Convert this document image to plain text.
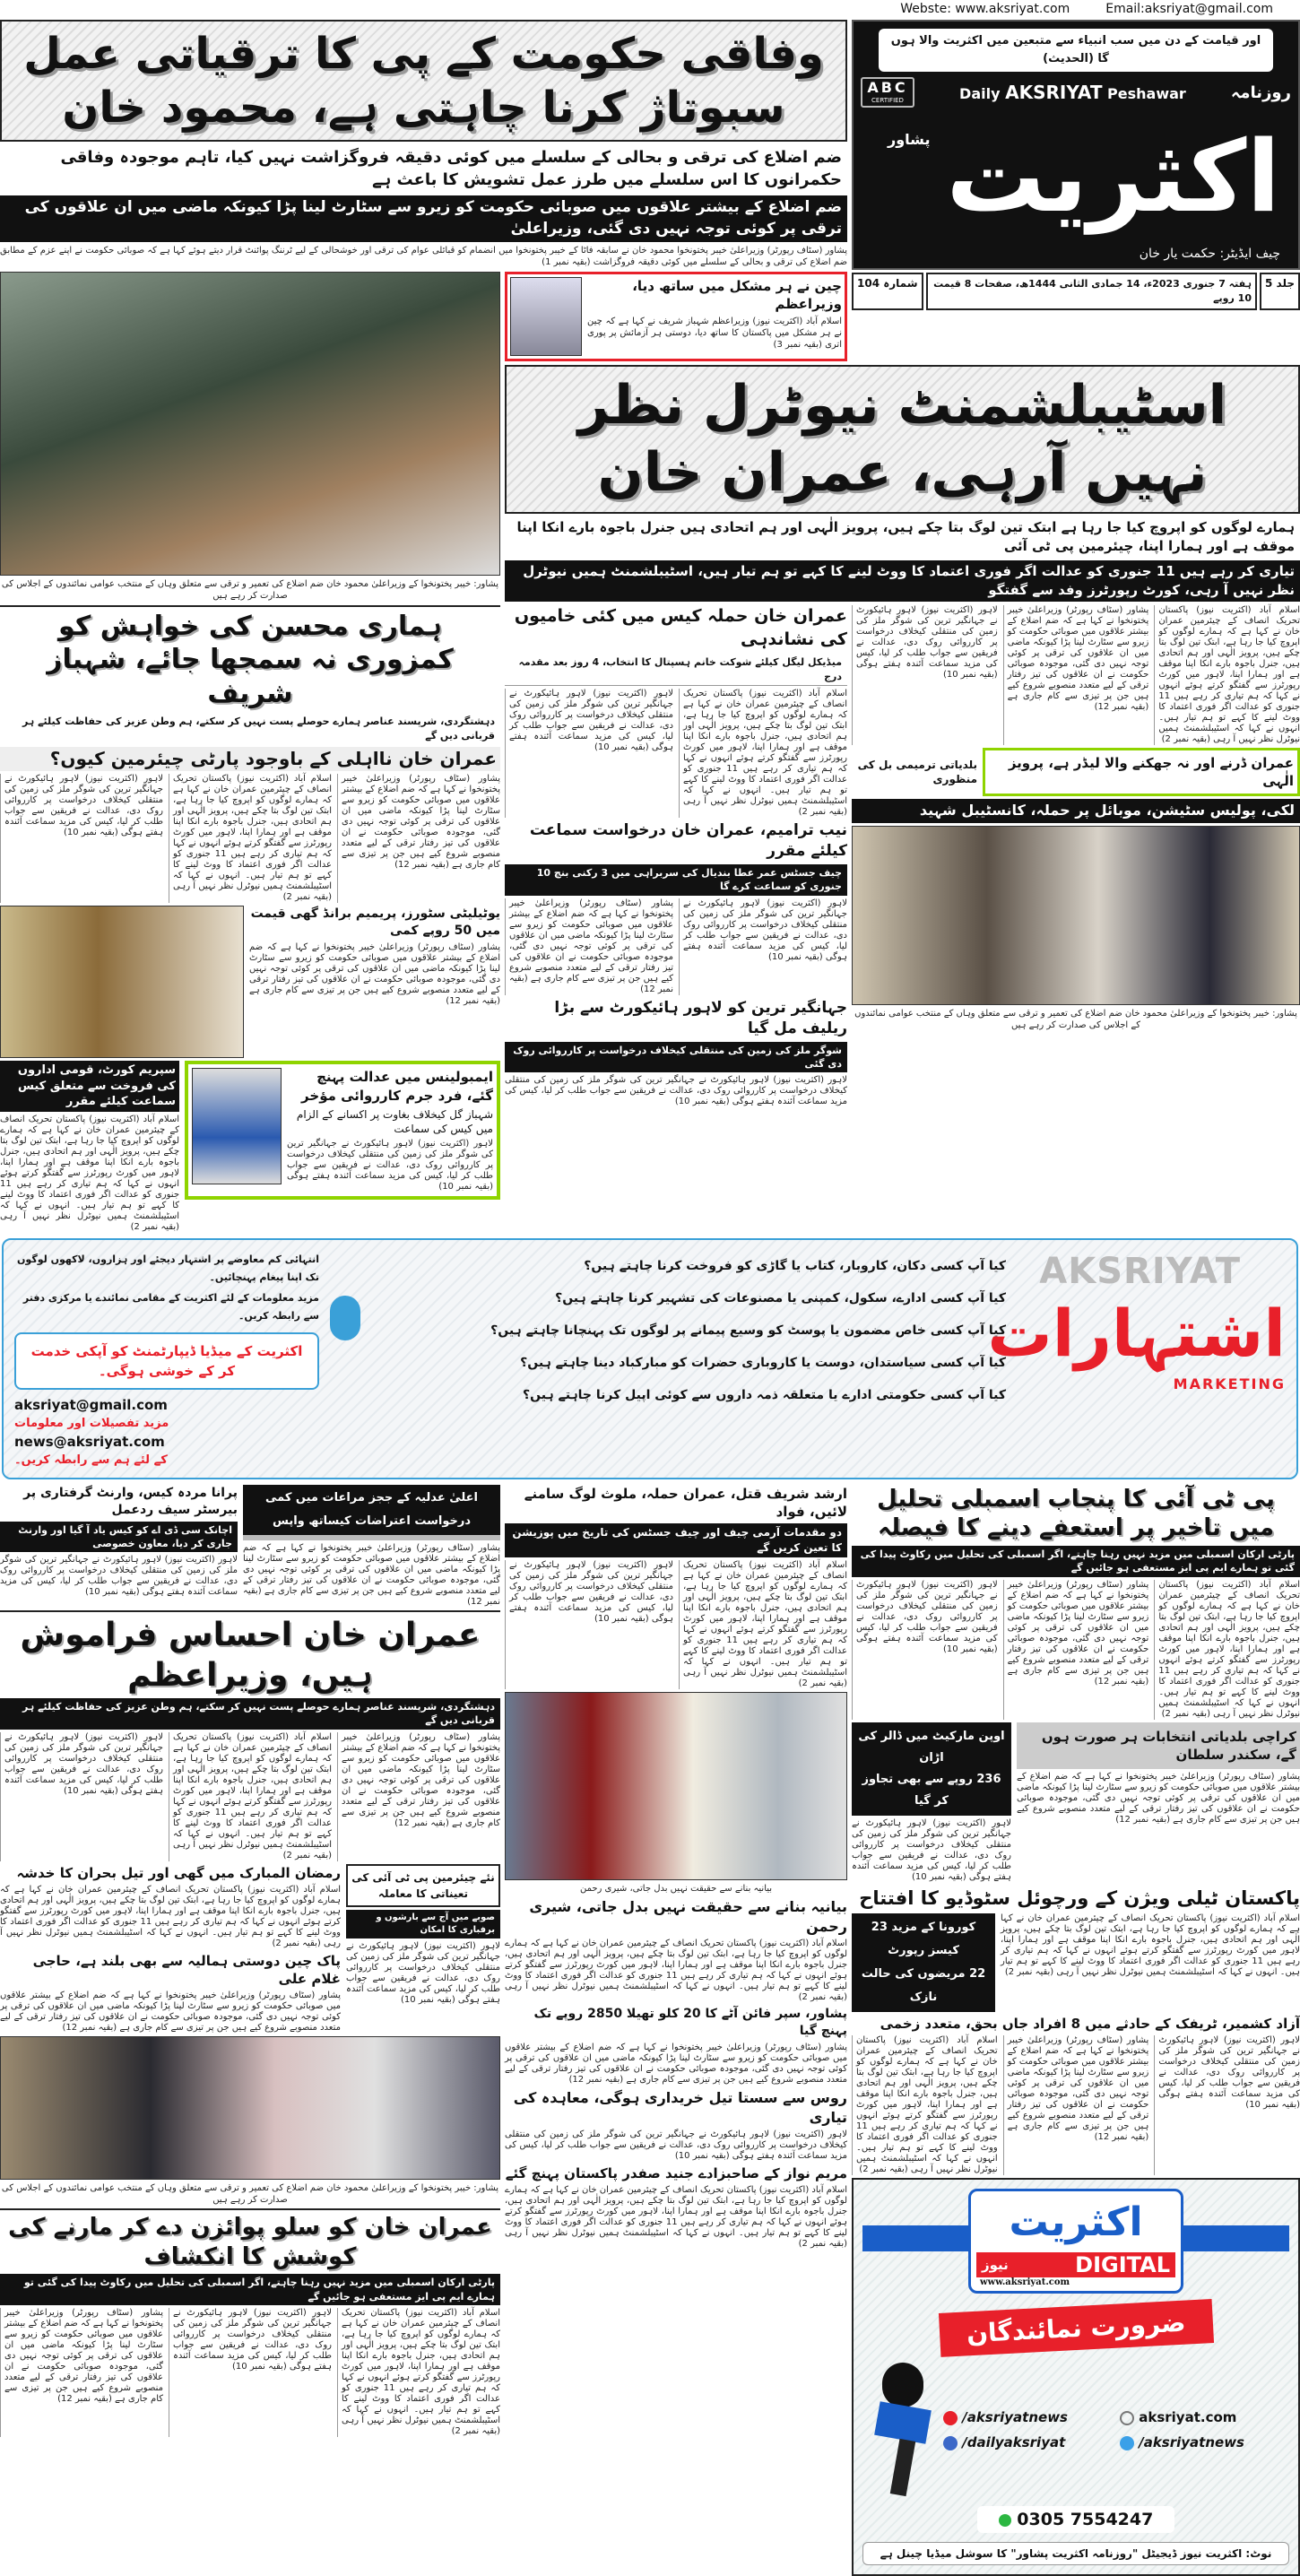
Webste: www.aksriyat.com	Email:aksriyat@gmail.com
وفاقی حکومت کے پی کا ترقیاتی عمل سبوتاژ کرنا چاہتی ہے، محمود خان
ضم اضلاع کی ترقی و بحالی کے سلسلے میں کوئی دقیقہ فروگزاشت نہیں کیا، تاہم موجودہ وفاقی حکمرانوں کا اس سلسلے میں طرز عمل تشویش کا باعث ہے
ضم اضلاع کے بیشتر علاقوں میں صوبائی حکومت کو زیرو سے سٹارٹ لینا پڑا کیونکہ ماضی میں ان علاقوں کی ترقی پر کوئی توجہ نہیں دی گئی، وزیراعلیٰ
پشاور (سٹاف رپورٹر) وزیراعلیٰ خیبر پختونخوا محمود خان نے سابقہ فاٹا کے خیبر پختونخوا میں انضمام کو قبائلی عوام کی ترقی اور خوشحالی کے لیے ٹرننگ پوائنٹ قرار دیتے ہوئے کہا ہے کہ صوبائی حکومت نے اپنے عزم کے مطابق ضم اضلاع کی ترقی و بحالی کے سلسلے میں کوئی دقیقہ فروگزاشت (بقیہ نمبر 1)
اور قیامت کے دن میں سب انبیاء سے متبعین میں اکثریت والا ہوں گا (الحدیث)
ABC
CERTIFIED	Daily AKSRIYAT Peshawar	روزنامہ
پشاور اکثریت
چیف ایڈیٹر: حکمت یار خان
جلد 5
ہفتہ 7 جنوری 2023ء، 14 جمادی الثانی 1444ھ، صفحات 8 قیمت 10 روپے
شمارہ 104
پشاور: خیبر پختونخوا کے وزیراعلیٰ محمود خان ضم اضلاع کی تعمیر و ترقی سے متعلق وہاں کے منتخب عوامی نمائندوں کے اجلاس کی صدارت کر رہے ہیں
چین نے ہر مشکل میں ساتھ دیا، وزیراعظم
اسلام آباد (اکثریت نیوز) وزیراعظم شہباز شریف نے کہا ہے کہ چین نے ہر مشکل میں پاکستان کا ساتھ دیا، دوستی ہر آزمائش پر پوری اتری (بقیہ نمبر 3)
اسٹیبلشمنٹ نیوٹرل نظر نہیں آرہی، عمران خان
ہمارے لوگوں کو اپروچ کیا جا رہا ہے ابتک تین لوگ بتا چکے ہیں، پرویز الٰہی اور ہم اتحادی ہیں جنرل باجوہ بارے انکا اپنا موقف ہے اور ہمارا اپنا، چیئرمین پی ٹی آئی
تیاری کر رہے ہیں 11 جنوری کو عدالت اگر فوری اعتماد کا ووٹ لینے کا کہے تو ہم تیار ہیں، اسٹیبلشمنٹ ہمیں نیوٹرل نظر نہیں آ رہی، کورٹ رپورٹرز وفد سے گفتگو
ہماری محسن کی خواہش کو کمزوری نہ سمجھا جائے، شہباز شریف
دہشتگردی، شرپسند عناصر ہمارے حوصلے پست نہیں کر سکتے، ہم وطن عزیز کی حفاظت کیلئے ہر قربانی دیں گے
عمران خان نااہلی کے باوجود پارٹی چیئرمین کیوں؟
پشاور (سٹاف رپورٹر) وزیراعلیٰ خیبر پختونخوا نے کہا ہے کہ ضم اضلاع کے بیشتر علاقوں میں صوبائی حکومت کو زیرو سے سٹارٹ لینا پڑا کیونکہ ماضی میں ان علاقوں کی ترقی پر کوئی توجہ نہیں دی گئی، موجودہ صوبائی حکومت نے ان علاقوں کی تیز رفتار ترقی کے لیے متعدد منصوبے شروع کیے ہیں جن پر تیزی سے کام جاری ہے (بقیہ نمبر 12)
اسلام آباد (اکثریت نیوز) پاکستان تحریک انصاف کے چیئرمین عمران خان نے کہا ہے کہ ہمارے لوگوں کو اپروچ کیا جا رہا ہے، ابتک تین لوگ بتا چکے ہیں، پرویز الٰہی اور ہم اتحادی ہیں، جنرل باجوہ بارے انکا اپنا موقف ہے اور ہمارا اپنا، لاہور میں کورٹ رپورٹرز سے گفتگو کرتے ہوئے انہوں نے کہا کہ ہم تیاری کر رہے ہیں 11 جنوری کو عدالت اگر فوری اعتماد کا ووٹ لینے کا کہے تو ہم تیار ہیں۔ انہوں نے کہا کہ اسٹیبلشمنٹ ہمیں نیوٹرل نظر نہیں آ رہی (بقیہ نمبر 2)
لاہور (اکثریت نیوز) لاہور ہائیکورٹ نے جہانگیر ترین کی شوگر ملز کی زمین کی منتقلی کیخلاف درخواست پر کارروائی روک دی، عدالت نے فریقین سے جواب طلب کر لیا، کیس کی مزید سماعت آئندہ ہفتے ہوگی (بقیہ نمبر 10)
یوٹیلیٹی سٹورز، پریمیم برانڈ گھی قیمت میں 50 روپے کمی
پشاور (سٹاف رپورٹر) وزیراعلیٰ خیبر پختونخوا نے کہا ہے کہ ضم اضلاع کے بیشتر علاقوں میں صوبائی حکومت کو زیرو سے سٹارٹ لینا پڑا کیونکہ ماضی میں ان علاقوں کی ترقی پر کوئی توجہ نہیں دی گئی، موجودہ صوبائی حکومت نے ان علاقوں کی تیز رفتار ترقی کے لیے متعدد منصوبے شروع کیے ہیں جن پر تیزی سے کام جاری ہے (بقیہ نمبر 12)
سپریم کورٹ، قومی اداروں کی فروخت سے متعلق کیس سماعت کیلئے مقرر
اسلام آباد (اکثریت نیوز) پاکستان تحریک انصاف کے چیئرمین عمران خان نے کہا ہے کہ ہمارے لوگوں کو اپروچ کیا جا رہا ہے، ابتک تین لوگ بتا چکے ہیں، پرویز الٰہی اور ہم اتحادی ہیں، جنرل باجوہ بارے انکا اپنا موقف ہے اور ہمارا اپنا، لاہور میں کورٹ رپورٹرز سے گفتگو کرتے ہوئے انہوں نے کہا کہ ہم تیاری کر رہے ہیں 11 جنوری کو عدالت اگر فوری اعتماد کا ووٹ لینے کا کہے تو ہم تیار ہیں۔ انہوں نے کہا کہ اسٹیبلشمنٹ ہمیں نیوٹرل نظر نہیں آ رہی (بقیہ نمبر 2)
ایمبولینس میں عدالت پہنچ گئے، فرد جرم کارروائی مؤخر
شہباز گل کیخلاف بغاوت پر اکسانے کے الزام میں کیس کی سماعت
لاہور (اکثریت نیوز) لاہور ہائیکورٹ نے جہانگیر ترین کی شوگر ملز کی زمین کی منتقلی کیخلاف درخواست پر کارروائی روک دی، عدالت نے فریقین سے جواب طلب کر لیا، کیس کی مزید سماعت آئندہ ہفتے ہوگی (بقیہ نمبر 10)
عمران خان حملہ کیس میں کئی خامیوں کی نشاندہی
میڈیکل لیگل کیلئے شوکت خانم ہسپتال کا انتخاب، 4 روز بعد مقدمہ درج
اسلام آباد (اکثریت نیوز) پاکستان تحریک انصاف کے چیئرمین عمران خان نے کہا ہے کہ ہمارے لوگوں کو اپروچ کیا جا رہا ہے، ابتک تین لوگ بتا چکے ہیں، پرویز الٰہی اور ہم اتحادی ہیں، جنرل باجوہ بارے انکا اپنا موقف ہے اور ہمارا اپنا، لاہور میں کورٹ رپورٹرز سے گفتگو کرتے ہوئے انہوں نے کہا کہ ہم تیاری کر رہے ہیں 11 جنوری کو عدالت اگر فوری اعتماد کا ووٹ لینے کا کہے تو ہم تیار ہیں۔ انہوں نے کہا کہ اسٹیبلشمنٹ ہمیں نیوٹرل نظر نہیں آ رہی (بقیہ نمبر 2)
لاہور (اکثریت نیوز) لاہور ہائیکورٹ نے جہانگیر ترین کی شوگر ملز کی زمین کی منتقلی کیخلاف درخواست پر کارروائی روک دی، عدالت نے فریقین سے جواب طلب کر لیا، کیس کی مزید سماعت آئندہ ہفتے ہوگی (بقیہ نمبر 10)
نیب ترامیم، عمران خان درخواست سماعت کیلئے مقرر
چیف جسٹس عمر عطا بندیال کی سربراہی میں 3 رکنی بنچ 10 جنوری کو سماعت کرے گا
لاہور (اکثریت نیوز) لاہور ہائیکورٹ نے جہانگیر ترین کی شوگر ملز کی زمین کی منتقلی کیخلاف درخواست پر کارروائی روک دی، عدالت نے فریقین سے جواب طلب کر لیا، کیس کی مزید سماعت آئندہ ہفتے ہوگی (بقیہ نمبر 10)
پشاور (سٹاف رپورٹر) وزیراعلیٰ خیبر پختونخوا نے کہا ہے کہ ضم اضلاع کے بیشتر علاقوں میں صوبائی حکومت کو زیرو سے سٹارٹ لینا پڑا کیونکہ ماضی میں ان علاقوں کی ترقی پر کوئی توجہ نہیں دی گئی، موجودہ صوبائی حکومت نے ان علاقوں کی تیز رفتار ترقی کے لیے متعدد منصوبے شروع کیے ہیں جن پر تیزی سے کام جاری ہے (بقیہ نمبر 12)
جہانگیر ترین کو لاہور ہائیکورٹ سے بڑا ریلیف مل گیا
شوگر ملز کی زمین کی منتقلی کیخلاف درخواست پر کارروائی روک دی گئی
لاہور (اکثریت نیوز) لاہور ہائیکورٹ نے جہانگیر ترین کی شوگر ملز کی زمین کی منتقلی کیخلاف درخواست پر کارروائی روک دی، عدالت نے فریقین سے جواب طلب کر لیا، کیس کی مزید سماعت آئندہ ہفتے ہوگی (بقیہ نمبر 10)
اسلام آباد (اکثریت نیوز) پاکستان تحریک انصاف کے چیئرمین عمران خان نے کہا ہے کہ ہمارے لوگوں کو اپروچ کیا جا رہا ہے، ابتک تین لوگ بتا چکے ہیں، پرویز الٰہی اور ہم اتحادی ہیں، جنرل باجوہ بارے انکا اپنا موقف ہے اور ہمارا اپنا، لاہور میں کورٹ رپورٹرز سے گفتگو کرتے ہوئے انہوں نے کہا کہ ہم تیاری کر رہے ہیں 11 جنوری کو عدالت اگر فوری اعتماد کا ووٹ لینے کا کہے تو ہم تیار ہیں۔ انہوں نے کہا کہ اسٹیبلشمنٹ ہمیں نیوٹرل نظر نہیں آ رہی (بقیہ نمبر 2)
پشاور (سٹاف رپورٹر) وزیراعلیٰ خیبر پختونخوا نے کہا ہے کہ ضم اضلاع کے بیشتر علاقوں میں صوبائی حکومت کو زیرو سے سٹارٹ لینا پڑا کیونکہ ماضی میں ان علاقوں کی ترقی پر کوئی توجہ نہیں دی گئی، موجودہ صوبائی حکومت نے ان علاقوں کی تیز رفتار ترقی کے لیے متعدد منصوبے شروع کیے ہیں جن پر تیزی سے کام جاری ہے (بقیہ نمبر 12)
لاہور (اکثریت نیوز) لاہور ہائیکورٹ نے جہانگیر ترین کی شوگر ملز کی زمین کی منتقلی کیخلاف درخواست پر کارروائی روک دی، عدالت نے فریقین سے جواب طلب کر لیا، کیس کی مزید سماعت آئندہ ہفتے ہوگی (بقیہ نمبر 10)
بلدیاتی ترمیمی بل کی منظوری
عمران ڈرنے اور نہ جھکنے والا لیڈر ہے، پرویز الٰہی
لکی، پولیس سٹیشن، موبائل پر حملہ، کانسٹیبل شہید
پشاور: خیبر پختونخوا کے وزیراعلیٰ محمود خان ضم اضلاع کی تعمیر و ترقی سے متعلق وہاں کے منتخب عوامی نمائندوں کے اجلاس کی صدارت کر رہے ہیں
انتہائی کم معاوضے پر اشتہار دیجئے اور ہزاروں، لاکھوں لوگوں تک اپنا پیغام پہنچائیں۔
مزید معلومات کے لئے اکثریت کے مقامی نمائندے یا مرکزی دفتر سے رابطہ کریں۔
اکثریت کے میڈیا ڈیپارٹمنٹ کو آپکی خدمت کر کے خوشی ہوگی۔
aksriyat@gmail.com
مزید تفصیلات اور معلومات
news@aksriyat.com
کے لئے ہم سے رابطہ کریں۔
کیا آپ کسی دکان، کاروبار، کتاب یا گاڑی کو فروخت کرنا چاہتے ہیں؟
کیا آپ کسی ادارے، سکول، کمپنی یا مصنوعات کی تشہیر کرنا چاہتے ہیں؟
کیا آپ کسی خاص مضمون یا پوسٹ کو وسیع پیمانے پر لوگوں تک پہنچانا چاہتے ہیں؟
کیا آپ کسی سیاستدان، دوست یا کاروباری حضرات کو مبارکباد دینا چاہتے ہیں؟
کیا آپ کسی حکومتی ادارے یا متعلقہ ذمہ داروں سے کوئی اپیل کرنا چاہتے ہیں؟
AKSRIYAT
اشتہارات
MARKETING
پرانا مردہ کیس، وارنٹ گرفتاری پر بیرسٹر سیف ردعمل
اچانک سی ڈی اے کو کیس یاد آ گیا اور وارنٹ جاری کر دیا، معاون خصوصی
لاہور (اکثریت نیوز) لاہور ہائیکورٹ نے جہانگیر ترین کی شوگر ملز کی زمین کی منتقلی کیخلاف درخواست پر کارروائی روک دی، عدالت نے فریقین سے جواب طلب کر لیا، کیس کی مزید سماعت آئندہ ہفتے ہوگی (بقیہ نمبر 10)
اعلیٰ عدلیہ کے ججز مراعات میں کمی
درخواست اعتراضات کیساتھ واپس
پشاور (سٹاف رپورٹر) وزیراعلیٰ خیبر پختونخوا نے کہا ہے کہ ضم اضلاع کے بیشتر علاقوں میں صوبائی حکومت کو زیرو سے سٹارٹ لینا پڑا کیونکہ ماضی میں ان علاقوں کی ترقی پر کوئی توجہ نہیں دی گئی، موجودہ صوبائی حکومت نے ان علاقوں کی تیز رفتار ترقی کے لیے متعدد منصوبے شروع کیے ہیں جن پر تیزی سے کام جاری ہے (بقیہ نمبر 12)
عمران خان احساس فراموش ہیں، وزیراعظم
دہشتگردی، شرپسند عناصر ہمارے حوصلے پست نہیں کر سکتے، ہم وطن عزیز کی حفاظت کیلئے ہر قربانی دیں گے
پشاور (سٹاف رپورٹر) وزیراعلیٰ خیبر پختونخوا نے کہا ہے کہ ضم اضلاع کے بیشتر علاقوں میں صوبائی حکومت کو زیرو سے سٹارٹ لینا پڑا کیونکہ ماضی میں ان علاقوں کی ترقی پر کوئی توجہ نہیں دی گئی، موجودہ صوبائی حکومت نے ان علاقوں کی تیز رفتار ترقی کے لیے متعدد منصوبے شروع کیے ہیں جن پر تیزی سے کام جاری ہے (بقیہ نمبر 12)
اسلام آباد (اکثریت نیوز) پاکستان تحریک انصاف کے چیئرمین عمران خان نے کہا ہے کہ ہمارے لوگوں کو اپروچ کیا جا رہا ہے، ابتک تین لوگ بتا چکے ہیں، پرویز الٰہی اور ہم اتحادی ہیں، جنرل باجوہ بارے انکا اپنا موقف ہے اور ہمارا اپنا، لاہور میں کورٹ رپورٹرز سے گفتگو کرتے ہوئے انہوں نے کہا کہ ہم تیاری کر رہے ہیں 11 جنوری کو عدالت اگر فوری اعتماد کا ووٹ لینے کا کہے تو ہم تیار ہیں۔ انہوں نے کہا کہ اسٹیبلشمنٹ ہمیں نیوٹرل نظر نہیں آ رہی (بقیہ نمبر 2)
لاہور (اکثریت نیوز) لاہور ہائیکورٹ نے جہانگیر ترین کی شوگر ملز کی زمین کی منتقلی کیخلاف درخواست پر کارروائی روک دی، عدالت نے فریقین سے جواب طلب کر لیا، کیس کی مزید سماعت آئندہ ہفتے ہوگی (بقیہ نمبر 10)
رمضان المبارک میں گھی اور تیل بحران کا خدشہ
اسلام آباد (اکثریت نیوز) پاکستان تحریک انصاف کے چیئرمین عمران خان نے کہا ہے کہ ہمارے لوگوں کو اپروچ کیا جا رہا ہے، ابتک تین لوگ بتا چکے ہیں، پرویز الٰہی اور ہم اتحادی ہیں، جنرل باجوہ بارے انکا اپنا موقف ہے اور ہمارا اپنا، لاہور میں کورٹ رپورٹرز سے گفتگو کرتے ہوئے انہوں نے کہا کہ ہم تیاری کر رہے ہیں 11 جنوری کو عدالت اگر فوری اعتماد کا ووٹ لینے کا کہے تو ہم تیار ہیں۔ انہوں نے کہا کہ اسٹیبلشمنٹ ہمیں نیوٹرل نظر نہیں آ رہی (بقیہ نمبر 2)
پاک چین دوستی ہمالیہ سے بھی بلند ہے، حاجی غلام علی
پشاور (سٹاف رپورٹر) وزیراعلیٰ خیبر پختونخوا نے کہا ہے کہ ضم اضلاع کے بیشتر علاقوں میں صوبائی حکومت کو زیرو سے سٹارٹ لینا پڑا کیونکہ ماضی میں ان علاقوں کی ترقی پر کوئی توجہ نہیں دی گئی، موجودہ صوبائی حکومت نے ان علاقوں کی تیز رفتار ترقی کے لیے متعدد منصوبے شروع کیے ہیں جن پر تیزی سے کام جاری ہے (بقیہ نمبر 12)
نئے چیئرمین پی ٹی آئی کی تعیناتی کا معاملہ
صوبے میں آج سے بارشوں و برفباری کا امکان
لاہور (اکثریت نیوز) لاہور ہائیکورٹ نے جہانگیر ترین کی شوگر ملز کی زمین کی منتقلی کیخلاف درخواست پر کارروائی روک دی، عدالت نے فریقین سے جواب طلب کر لیا، کیس کی مزید سماعت آئندہ ہفتے ہوگی (بقیہ نمبر 10)
پشاور: خیبر پختونخوا کے وزیراعلیٰ محمود خان ضم اضلاع کی تعمیر و ترقی سے متعلق وہاں کے منتخب عوامی نمائندوں کے اجلاس کی صدارت کر رہے ہیں
عمران خان کو سلو پوائزن دے کر مارنے کی کوشش کا انکشاف
پارٹی ارکان اسمبلی میں مزید نہیں رہنا چاہتے، اگر اسمبلی کی تحلیل میں رکاوٹ پیدا کی گئی تو ہمارے ایم پی ایز مستعفی ہو جائیں گے
اسلام آباد (اکثریت نیوز) پاکستان تحریک انصاف کے چیئرمین عمران خان نے کہا ہے کہ ہمارے لوگوں کو اپروچ کیا جا رہا ہے، ابتک تین لوگ بتا چکے ہیں، پرویز الٰہی اور ہم اتحادی ہیں، جنرل باجوہ بارے انکا اپنا موقف ہے اور ہمارا اپنا، لاہور میں کورٹ رپورٹرز سے گفتگو کرتے ہوئے انہوں نے کہا کہ ہم تیاری کر رہے ہیں 11 جنوری کو عدالت اگر فوری اعتماد کا ووٹ لینے کا کہے تو ہم تیار ہیں۔ انہوں نے کہا کہ اسٹیبلشمنٹ ہمیں نیوٹرل نظر نہیں آ رہی (بقیہ نمبر 2)
لاہور (اکثریت نیوز) لاہور ہائیکورٹ نے جہانگیر ترین کی شوگر ملز کی زمین کی منتقلی کیخلاف درخواست پر کارروائی روک دی، عدالت نے فریقین سے جواب طلب کر لیا، کیس کی مزید سماعت آئندہ ہفتے ہوگی (بقیہ نمبر 10)
پشاور (سٹاف رپورٹر) وزیراعلیٰ خیبر پختونخوا نے کہا ہے کہ ضم اضلاع کے بیشتر علاقوں میں صوبائی حکومت کو زیرو سے سٹارٹ لینا پڑا کیونکہ ماضی میں ان علاقوں کی ترقی پر کوئی توجہ نہیں دی گئی، موجودہ صوبائی حکومت نے ان علاقوں کی تیز رفتار ترقی کے لیے متعدد منصوبے شروع کیے ہیں جن پر تیزی سے کام جاری ہے (بقیہ نمبر 12)
ارشد شریف قتل، عمران حملہ، ملوث لوگ سامنے لائیں، فواد
دو مقدمات آرمی چیف اور چیف جسٹس کی تاریخ میں پوزیشن کا تعین کریں گے
اسلام آباد (اکثریت نیوز) پاکستان تحریک انصاف کے چیئرمین عمران خان نے کہا ہے کہ ہمارے لوگوں کو اپروچ کیا جا رہا ہے، ابتک تین لوگ بتا چکے ہیں، پرویز الٰہی اور ہم اتحادی ہیں، جنرل باجوہ بارے انکا اپنا موقف ہے اور ہمارا اپنا، لاہور میں کورٹ رپورٹرز سے گفتگو کرتے ہوئے انہوں نے کہا کہ ہم تیاری کر رہے ہیں 11 جنوری کو عدالت اگر فوری اعتماد کا ووٹ لینے کا کہے تو ہم تیار ہیں۔ انہوں نے کہا کہ اسٹیبلشمنٹ ہمیں نیوٹرل نظر نہیں آ رہی (بقیہ نمبر 2)
لاہور (اکثریت نیوز) لاہور ہائیکورٹ نے جہانگیر ترین کی شوگر ملز کی زمین کی منتقلی کیخلاف درخواست پر کارروائی روک دی، عدالت نے فریقین سے جواب طلب کر لیا، کیس کی مزید سماعت آئندہ ہفتے ہوگی (بقیہ نمبر 10)
بیانیہ بنانے سے حقیقت نہیں بدل جاتی، شیری رحمن
بیانیہ بنانے سے حقیقت نہیں بدل جاتی، شیری رحمن
اسلام آباد (اکثریت نیوز) پاکستان تحریک انصاف کے چیئرمین عمران خان نے کہا ہے کہ ہمارے لوگوں کو اپروچ کیا جا رہا ہے، ابتک تین لوگ بتا چکے ہیں، پرویز الٰہی اور ہم اتحادی ہیں، جنرل باجوہ بارے انکا اپنا موقف ہے اور ہمارا اپنا، لاہور میں کورٹ رپورٹرز سے گفتگو کرتے ہوئے انہوں نے کہا کہ ہم تیاری کر رہے ہیں 11 جنوری کو عدالت اگر فوری اعتماد کا ووٹ لینے کا کہے تو ہم تیار ہیں۔ انہوں نے کہا کہ اسٹیبلشمنٹ ہمیں نیوٹرل نظر نہیں آ رہی (بقیہ نمبر 2)
پشاور، سپر فائن آٹے کا 20 کلو تھیلا 2850 روپے تک پہنچ گیا
پشاور (سٹاف رپورٹر) وزیراعلیٰ خیبر پختونخوا نے کہا ہے کہ ضم اضلاع کے بیشتر علاقوں میں صوبائی حکومت کو زیرو سے سٹارٹ لینا پڑا کیونکہ ماضی میں ان علاقوں کی ترقی پر کوئی توجہ نہیں دی گئی، موجودہ صوبائی حکومت نے ان علاقوں کی تیز رفتار ترقی کے لیے متعدد منصوبے شروع کیے ہیں جن پر تیزی سے کام جاری ہے (بقیہ نمبر 12)
روس سے سستا تیل خریداری ہوگی، معاہدہ کی تیاری
لاہور (اکثریت نیوز) لاہور ہائیکورٹ نے جہانگیر ترین کی شوگر ملز کی زمین کی منتقلی کیخلاف درخواست پر کارروائی روک دی، عدالت نے فریقین سے جواب طلب کر لیا، کیس کی مزید سماعت آئندہ ہفتے ہوگی (بقیہ نمبر 10)
مریم نواز کے صاحبزادے جنید صفدر پاکستان پہنچ گئے
اسلام آباد (اکثریت نیوز) پاکستان تحریک انصاف کے چیئرمین عمران خان نے کہا ہے کہ ہمارے لوگوں کو اپروچ کیا جا رہا ہے، ابتک تین لوگ بتا چکے ہیں، پرویز الٰہی اور ہم اتحادی ہیں، جنرل باجوہ بارے انکا اپنا موقف ہے اور ہمارا اپنا، لاہور میں کورٹ رپورٹرز سے گفتگو کرتے ہوئے انہوں نے کہا کہ ہم تیاری کر رہے ہیں 11 جنوری کو عدالت اگر فوری اعتماد کا ووٹ لینے کا کہے تو ہم تیار ہیں۔ انہوں نے کہا کہ اسٹیبلشمنٹ ہمیں نیوٹرل نظر نہیں آ رہی (بقیہ نمبر 2)
پی ٹی آئی کا پنجاب اسمبلی تحلیل میں تاخیر پر استعفے دینے کا فیصلہ
پارٹی ارکان اسمبلی میں مزید نہیں رہنا چاہتے، اگر اسمبلی کی تحلیل میں رکاوٹ پیدا کی گئی تو ہمارے ایم پی ایز مستعفی ہو جائیں گے
اسلام آباد (اکثریت نیوز) پاکستان تحریک انصاف کے چیئرمین عمران خان نے کہا ہے کہ ہمارے لوگوں کو اپروچ کیا جا رہا ہے، ابتک تین لوگ بتا چکے ہیں، پرویز الٰہی اور ہم اتحادی ہیں، جنرل باجوہ بارے انکا اپنا موقف ہے اور ہمارا اپنا، لاہور میں کورٹ رپورٹرز سے گفتگو کرتے ہوئے انہوں نے کہا کہ ہم تیاری کر رہے ہیں 11 جنوری کو عدالت اگر فوری اعتماد کا ووٹ لینے کا کہے تو ہم تیار ہیں۔ انہوں نے کہا کہ اسٹیبلشمنٹ ہمیں نیوٹرل نظر نہیں آ رہی (بقیہ نمبر 2)
پشاور (سٹاف رپورٹر) وزیراعلیٰ خیبر پختونخوا نے کہا ہے کہ ضم اضلاع کے بیشتر علاقوں میں صوبائی حکومت کو زیرو سے سٹارٹ لینا پڑا کیونکہ ماضی میں ان علاقوں کی ترقی پر کوئی توجہ نہیں دی گئی، موجودہ صوبائی حکومت نے ان علاقوں کی تیز رفتار ترقی کے لیے متعدد منصوبے شروع کیے ہیں جن پر تیزی سے کام جاری ہے (بقیہ نمبر 12)
لاہور (اکثریت نیوز) لاہور ہائیکورٹ نے جہانگیر ترین کی شوگر ملز کی زمین کی منتقلی کیخلاف درخواست پر کارروائی روک دی، عدالت نے فریقین سے جواب طلب کر لیا، کیس کی مزید سماعت آئندہ ہفتے ہوگی (بقیہ نمبر 10)
اوپن مارکیٹ میں ڈالر کی اڑان
236 روپے سے بھی تجاوز کر گیا
لاہور (اکثریت نیوز) لاہور ہائیکورٹ نے جہانگیر ترین کی شوگر ملز کی زمین کی منتقلی کیخلاف درخواست پر کارروائی روک دی، عدالت نے فریقین سے جواب طلب کر لیا، کیس کی مزید سماعت آئندہ ہفتے ہوگی (بقیہ نمبر 10)
کراچی بلدیاتی انتخابات ہر صورت ہوں گے، سکندر سلطان
پشاور (سٹاف رپورٹر) وزیراعلیٰ خیبر پختونخوا نے کہا ہے کہ ضم اضلاع کے بیشتر علاقوں میں صوبائی حکومت کو زیرو سے سٹارٹ لینا پڑا کیونکہ ماضی میں ان علاقوں کی ترقی پر کوئی توجہ نہیں دی گئی، موجودہ صوبائی حکومت نے ان علاقوں کی تیز رفتار ترقی کے لیے متعدد منصوبے شروع کیے ہیں جن پر تیزی سے کام جاری ہے (بقیہ نمبر 12)
پاکستان ٹیلی ویژن کے ورچوئل سٹوڈیو کا افتتاح
کورونا کے مزید 23 کیسز رپورٹ
22 مریضوں کی حالت نازک
اسلام آباد (اکثریت نیوز) پاکستان تحریک انصاف کے چیئرمین عمران خان نے کہا ہے کہ ہمارے لوگوں کو اپروچ کیا جا رہا ہے، ابتک تین لوگ بتا چکے ہیں، پرویز الٰہی اور ہم اتحادی ہیں، جنرل باجوہ بارے انکا اپنا موقف ہے اور ہمارا اپنا، لاہور میں کورٹ رپورٹرز سے گفتگو کرتے ہوئے انہوں نے کہا کہ ہم تیاری کر رہے ہیں 11 جنوری کو عدالت اگر فوری اعتماد کا ووٹ لینے کا کہے تو ہم تیار ہیں۔ انہوں نے کہا کہ اسٹیبلشمنٹ ہمیں نیوٹرل نظر نہیں آ رہی (بقیہ نمبر 2)
آزاد کشمیر، ٹریفک کے حادثے میں 8 افراد جاں بحق، متعدد زخمی
لاہور (اکثریت نیوز) لاہور ہائیکورٹ نے جہانگیر ترین کی شوگر ملز کی زمین کی منتقلی کیخلاف درخواست پر کارروائی روک دی، عدالت نے فریقین سے جواب طلب کر لیا، کیس کی مزید سماعت آئندہ ہفتے ہوگی (بقیہ نمبر 10)
پشاور (سٹاف رپورٹر) وزیراعلیٰ خیبر پختونخوا نے کہا ہے کہ ضم اضلاع کے بیشتر علاقوں میں صوبائی حکومت کو زیرو سے سٹارٹ لینا پڑا کیونکہ ماضی میں ان علاقوں کی ترقی پر کوئی توجہ نہیں دی گئی، موجودہ صوبائی حکومت نے ان علاقوں کی تیز رفتار ترقی کے لیے متعدد منصوبے شروع کیے ہیں جن پر تیزی سے کام جاری ہے (بقیہ نمبر 12)
اسلام آباد (اکثریت نیوز) پاکستان تحریک انصاف کے چیئرمین عمران خان نے کہا ہے کہ ہمارے لوگوں کو اپروچ کیا جا رہا ہے، ابتک تین لوگ بتا چکے ہیں، پرویز الٰہی اور ہم اتحادی ہیں، جنرل باجوہ بارے انکا اپنا موقف ہے اور ہمارا اپنا، لاہور میں کورٹ رپورٹرز سے گفتگو کرتے ہوئے انہوں نے کہا کہ ہم تیاری کر رہے ہیں 11 جنوری کو عدالت اگر فوری اعتماد کا ووٹ لینے کا کہے تو ہم تیار ہیں۔ انہوں نے کہا کہ اسٹیبلشمنٹ ہمیں نیوٹرل نظر نہیں آ رہی (بقیہ نمبر 2)
اکثریت
نیوز	DIGITAL
www.aksriyat.com
ضرورت نمائندگان
/aksriyatnews	aksriyat.com
/dailyaksriyat	/aksriyatnews
0305 7554247
نوٹ: اکثریت نیوز ڈیجیٹل "روزنامہ اکثریت پشاور" کا سوشل میڈیا چینل ہے
